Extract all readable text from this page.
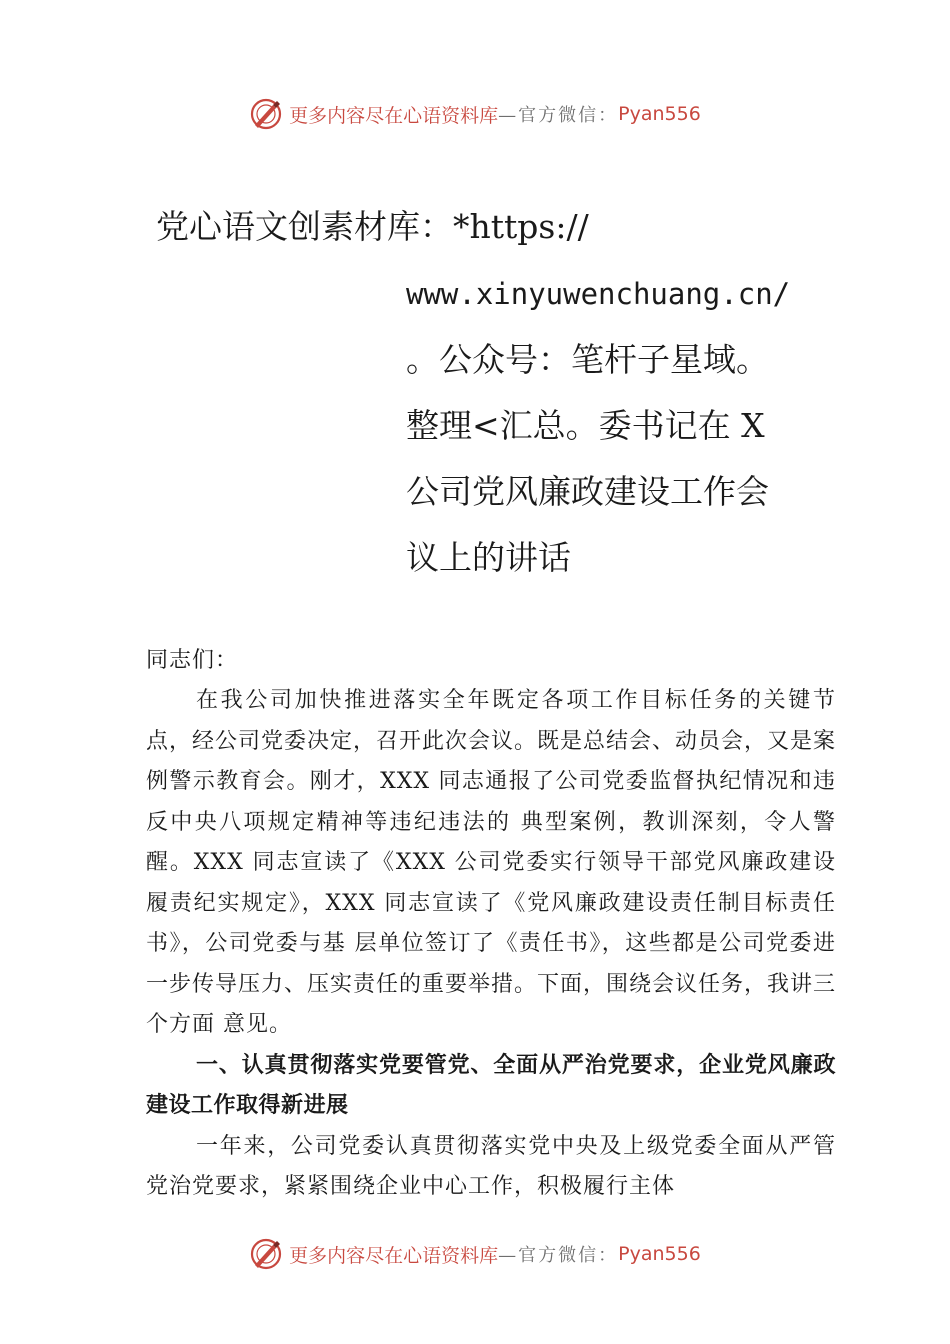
更多内容尽在心语资料库 —官方微信： Pyan556
党心语文创素材库：*https://
www.xinyuwenchuang.cn/
。公众号：笔杆子星域。
整理<汇总。委书记在 X
公司党风廉政建设工作会
议上的讲话
同志们：

在我公司加快推进落实全年既定各项工作目标任务的关键节点，经公司党委决定，召开此次会议。既是总结会、动员会，又是案例警示教育会。刚才，XXX 同志通报了公司党委监督执纪情况和违反中央八项规定精神等违纪违法的 典型案例，教训深刻，令人警醒。XXX 同志宣读了《XXX 公司党委实行领导干部党风廉政建设履责纪实规定》，XXX 同志宣读了《党风廉政建设责任制目标责任书》，公司党委与基 层单位签订了《责任书》，这些都是公司党委进一步传导压力、压实责任的重要举措。下面，围绕会议任务，我讲三个方面 意见。

一、认真贯彻落实党要管党、全面从严治党要求，企业党风廉政建设工作取得新进展

一年来，公司党委认真贯彻落实党中央及上级党委全面从严管党治党要求，紧紧围绕企业中心工作，积极履行主体

更多内容尽在心语资料库 —官方微信： Pyan556
